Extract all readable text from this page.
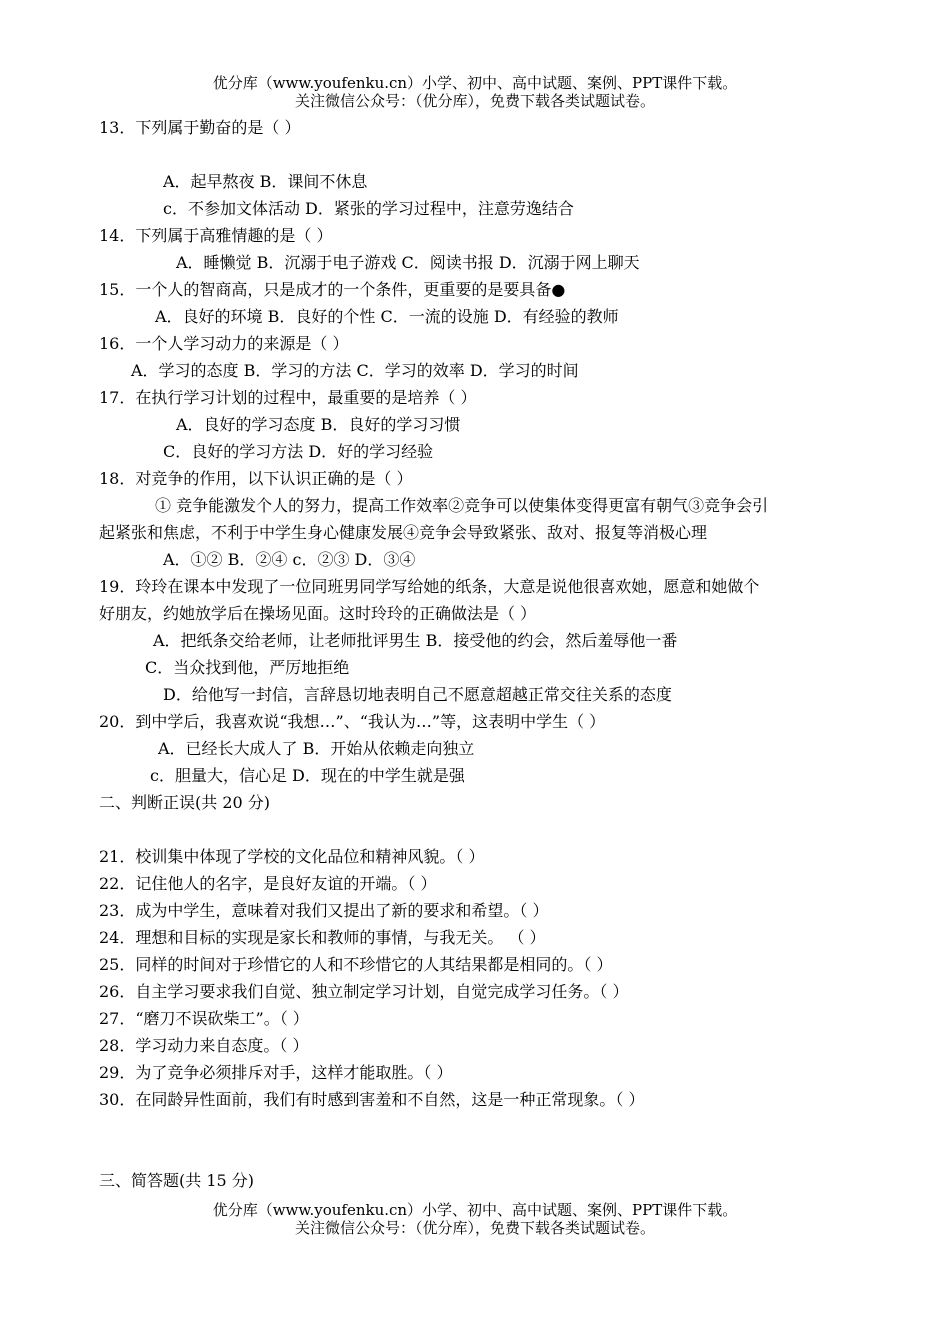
优分库（www.youfenku.cn）小学、初中、高中试题、案例、PPT课件下载。
关注微信公众号：（优分库），免费下载各类试题试卷。
13．下列属于勤奋的是（ ）
A．起早熬夜 B．课间不休息
c．不参加文体活动 D．紧张的学习过程中，注意劳逸结合
14．下列属于高雅情趣的是（ ）
A．睡懒觉 B．沉溺于电子游戏 C．阅读书报 D．沉溺于网上聊天
15．一个人的智商高，只是成才的一个条件，更重要的是要具备●
A．良好的环境 B．良好的个性 C．一流的设施 D．有经验的教师
16．一个人学习动力的来源是（ ）
A．学习的态度 B．学习的方法 C．学习的效率 D．学习的时间
17．在执行学习计划的过程中，最重要的是培养（ ）
A．良好的学习态度 B．良好的学习习惯
C．良好的学习方法 D．好的学习经验
18．对竞争的作用，以下认识正确的是（ ）
① 竞争能激发个人的努力，提高工作效率②竞争可以使集体变得更富有朝气③竞争会引
起紧张和焦虑，不利于中学生身心健康发展④竞争会导致紧张、敌对、报复等消极心理
A．①② B．②④ c．②③ D．③④
19．玲玲在课本中发现了一位同班男同学写给她的纸条，大意是说他很喜欢她，愿意和她做个
好朋友，约她放学后在操场见面。这时玲玲的正确做法是（ ）
A．把纸条交给老师，让老师批评男生 B．接受他的约会，然后羞辱他一番
C．当众找到他，严厉地拒绝
D．给他写一封信，言辞恳切地表明自己不愿意超越正常交往关系的态度
20．到中学后，我喜欢说“我想…”、“我认为…”等，这表明中学生（ ）
A．已经长大成人了 B．开始从依赖走向独立
c．胆量大，信心足 D．现在的中学生就是强
二、判断正误(共 20 分)
21．校训集中体现了学校的文化品位和精神风貌。（ ）
22．记住他人的名字，是良好友谊的开端。（ ）
23．成为中学生，意味着对我们又提出了新的要求和希望。（ ）
24．理想和目标的实现是家长和教师的事情，与我无关。 （ ）
25．同样的时间对于珍惜它的人和不珍惜它的人其结果都是相同的。（ ）
26．自主学习要求我们自觉、独立制定学习计划，自觉完成学习任务。（ ）
27．“磨刀不误砍柴工”。（ ）
28．学习动力来自态度。（ ）
29．为了竞争必须排斥对手，这样才能取胜。（ ）
30．在同龄异性面前，我们有时感到害羞和不自然，这是一种正常现象。（ ）
三、简答题(共 15 分)
优分库（www.youfenku.cn）小学、初中、高中试题、案例、PPT课件下载。
关注微信公众号：（优分库），免费下载各类试题试卷。
